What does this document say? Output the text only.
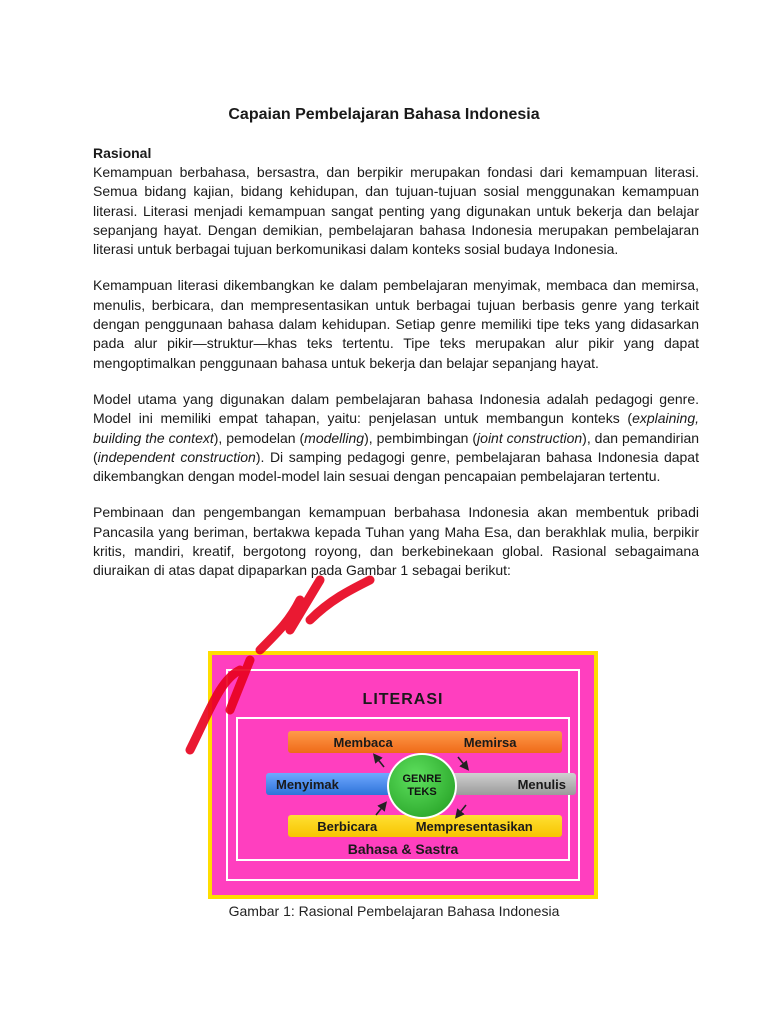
Capaian Pembelajaran Bahasa Indonesia

Rasional

Kemampuan berbahasa, bersastra, dan berpikir merupakan fondasi dari kemampuan literasi. Semua bidang kajian, bidang kehidupan, dan tujuan-tujuan sosial menggunakan kemampuan literasi. Literasi menjadi kemampuan sangat penting yang digunakan untuk bekerja dan belajar sepanjang hayat. Dengan demikian, pembelajaran bahasa Indonesia merupakan pembelajaran literasi untuk berbagai tujuan berkomunikasi dalam konteks sosial budaya Indonesia.

Kemampuan literasi dikembangkan ke dalam pembelajaran menyimak, membaca dan memirsa, menulis, berbicara, dan mempresentasikan untuk berbagai tujuan berbasis genre yang terkait dengan penggunaan bahasa dalam kehidupan. Setiap genre memiliki tipe teks yang didasarkan pada alur pikir—struktur—khas teks tertentu. Tipe teks merupakan alur pikir yang dapat mengoptimalkan penggunaan bahasa untuk bekerja dan belajar sepanjang hayat.

Model utama yang digunakan dalam pembelajaran bahasa Indonesia adalah pedagogi genre. Model ini memiliki empat tahapan, yaitu: penjelasan untuk membangun konteks (explaining, building the context), pemodelan (modelling), pembimbingan (joint construction), dan pemandirian (independent construction). Di samping pedagogi genre, pembelajaran bahasa Indonesia dapat dikembangkan dengan model-model lain sesuai dengan pencapaian pembelajaran tertentu.

Pembinaan dan pengembangan kemampuan berbahasa Indonesia akan membentuk pribadi Pancasila yang beriman, bertakwa kepada Tuhan yang Maha Esa, dan berakhlak mulia, berpikir kritis, mandiri, kreatif, bergotong royong, dan berkebinekaan global. Rasional sebagaimana diuraikan di atas dapat dipaparkan pada Gambar 1 sebagai berikut:

LITERASI
Membaca	Memirsa
Menyimak	Menulis
Berbicara	Mempresentasikan
GENRE
TEKS
Bahasa & Sastra
Gambar 1: Rasional Pembelajaran Bahasa Indonesia
